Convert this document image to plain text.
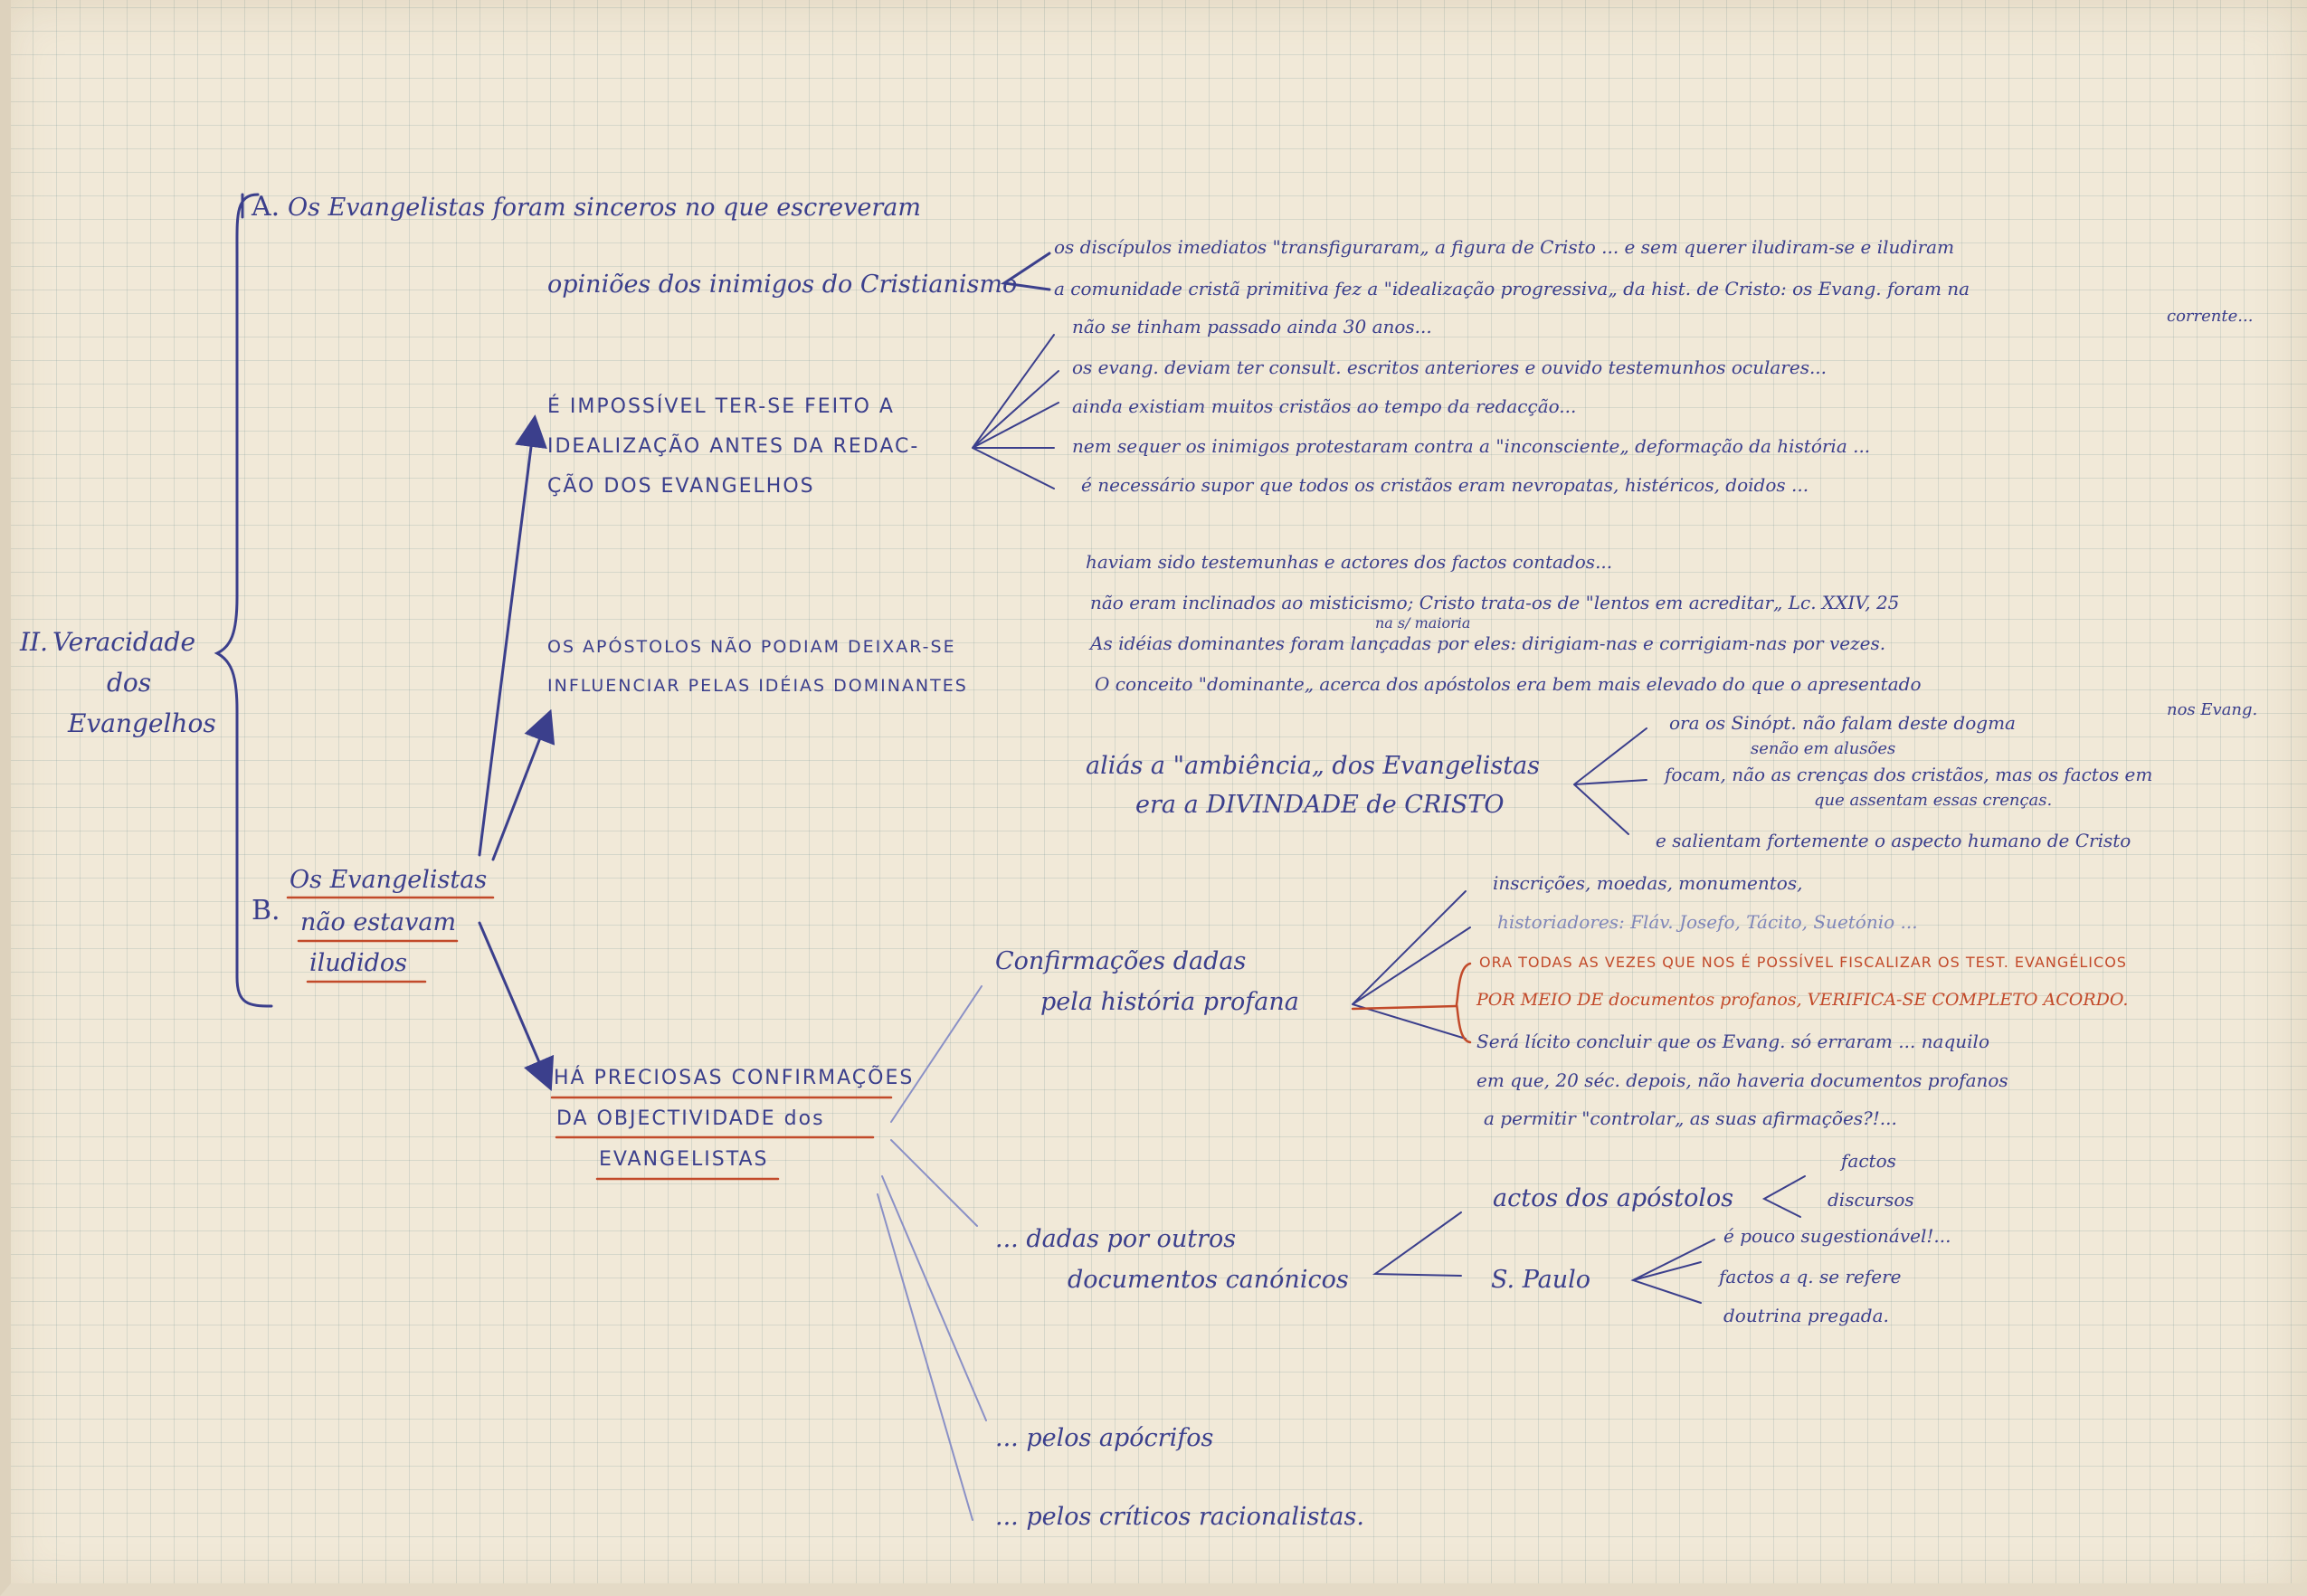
II. Veracidade
dos
Evangelhos
A. Os Evangelistas foram sinceros no que escreveram
opiniões dos inimigos do Cristianismo
os discípulos imediatos "transfiguraram„ a figura de Cristo ... e sem querer iludiram-se e iludiram
a comunidade cristã primitiva fez a "idealização progressiva„ da hist. de Cristo: os Evang. foram na
corrente...
É IMPOSSÍVEL TER-SE FEITO A
IDEALIZAÇÃO ANTES DA REDAC-
ÇÃO DOS EVANGELHOS
não se tinham passado ainda 30 anos...
os evang. deviam ter consult. escritos anteriores e ouvido testemunhos oculares...
ainda existiam muitos cristãos ao tempo da redacção...
nem sequer os inimigos protestaram contra a "inconsciente„ deformação da história ...
é necessário supor que todos os cristãos eram nevropatas, histéricos, doidos ...
OS APÓSTOLOS NÃO PODIAM DEIXAR-SE
INFLUENCIAR PELAS IDÉIAS DOMINANTES
haviam sido testemunhas e actores dos factos contados...
não eram inclinados ao misticismo; Cristo trata-os de "lentos em acreditar„ Lc. XXIV, 25
na s/ maioria
As idéias dominantes foram lançadas por eles: dirigiam-nas e corrigiam-nas por vezes.
O conceito "dominante„ acerca dos apóstolos era bem mais elevado do que o apresentado
nos Evang.
aliás a "ambiência„ dos Evangelistas
era a DIVINDADE de CRISTO
ora os Sinópt. não falam deste dogma
senão em alusões
focam, não as crenças dos cristãos, mas os factos em
que assentam essas crenças.
e salientam fortemente o aspecto humano de Cristo
B.
Os Evangelistas
não estavam
iludidos
HÁ PRECIOSAS CONFIRMAÇÕES
DA OBJECTIVIDADE dos
EVANGELISTAS
Confirmações dadas
pela história profana
inscrições, moedas, monumentos,
historiadores: Fláv. Josefo, Tácito, Suetónio ...
ORA TODAS AS VEZES QUE NOS É POSSÍVEL FISCALIZAR OS TEST. EVANGÉLICOS
POR MEIO DE documentos profanos, VERIFICA-SE COMPLETO ACORDO.
Será lícito concluir que os Evang. só erraram ... naquilo
em que, 20 séc. depois, não haveria documentos profanos
a permitir "controlar„ as suas afirmações?!...
... dadas por outros
documentos canónicos
actos dos apóstolos
factos
discursos
S. Paulo
é pouco sugestionável!...
factos a q. se refere
doutrina pregada.
... pelos apócrifos
... pelos críticos racionalistas.
